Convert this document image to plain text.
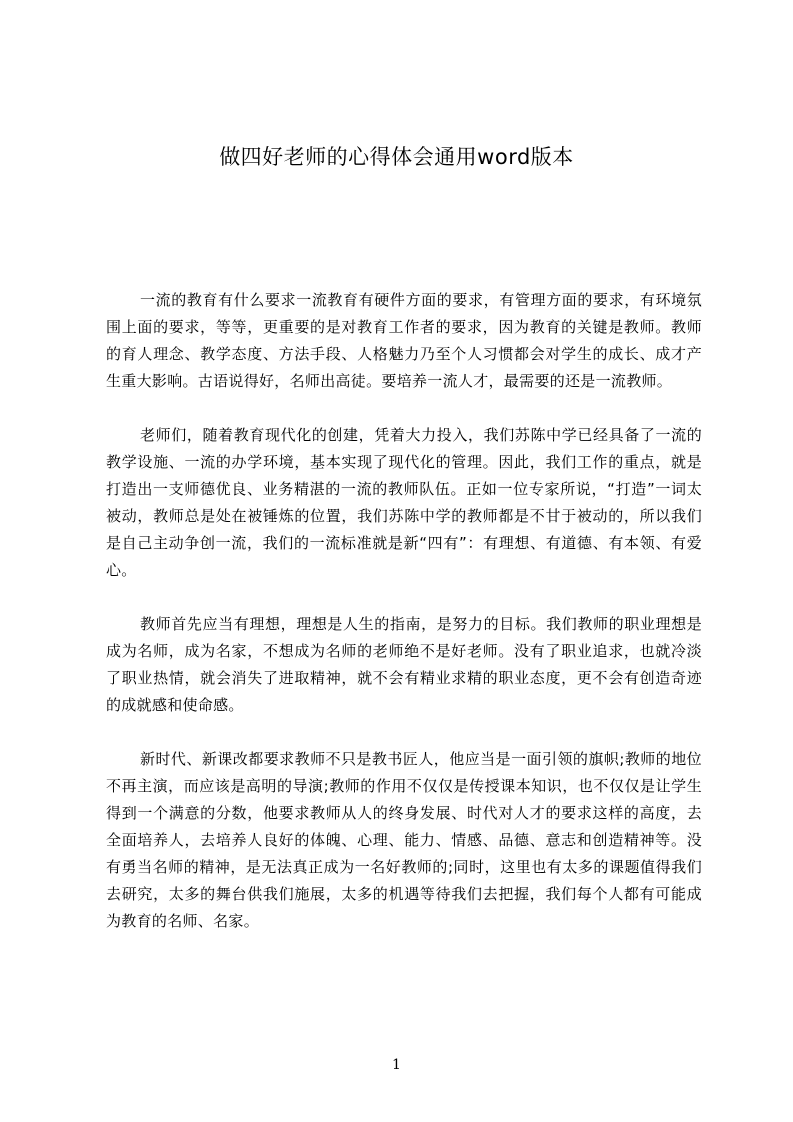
做四好老师的心得体会通用word版本

一流的教育有什么要求一流教育有硬件方面的要求，有管理方面的要求，有环境氛围上面的要求，等等，更重要的是对教育工作者的要求，因为教育的关键是教师。教师的育人理念、教学态度、方法手段、人格魅力乃至个人习惯都会对学生的成长、成才产生重大影响。古语说得好，名师出高徒。要培养一流人才，最需要的还是一流教师。

老师们，随着教育现代化的创建，凭着大力投入，我们苏陈中学已经具备了一流的教学设施、一流的办学环境，基本实现了现代化的管理。因此，我们工作的重点，就是打造出一支师德优良、业务精湛的一流的教师队伍。正如一位专家所说，“打造”一词太被动，教师总是处在被锤炼的位置，我们苏陈中学的教师都是不甘于被动的，所以我们是自己主动争创一流，我们的一流标准就是新“四有”：有理想、有道德、有本领、有爱心。

教师首先应当有理想，理想是人生的指南，是努力的目标。我们教师的职业理想是成为名师，成为名家，不想成为名师的老师绝不是好老师。没有了职业追求，也就冷淡了职业热情，就会消失了进取精神，就不会有精业求精的职业态度，更不会有创造奇迹的成就感和使命感。

新时代、新课改都要求教师不只是教书匠人，他应当是一面引领的旗帜;教师的地位不再主演，而应该是高明的导演;教师的作用不仅仅是传授课本知识，也不仅仅是让学生得到一个满意的分数，他要求教师从人的终身发展、时代对人才的要求这样的高度，去全面培养人，去培养人良好的体魄、心理、能力、情感、品德、意志和创造精神等。没有勇当名师的精神，是无法真正成为一名好教师的;同时，这里也有太多的课题值得我们去研究，太多的舞台供我们施展，太多的机遇等待我们去把握，我们每个人都有可能成为教育的名师、名家。

1
